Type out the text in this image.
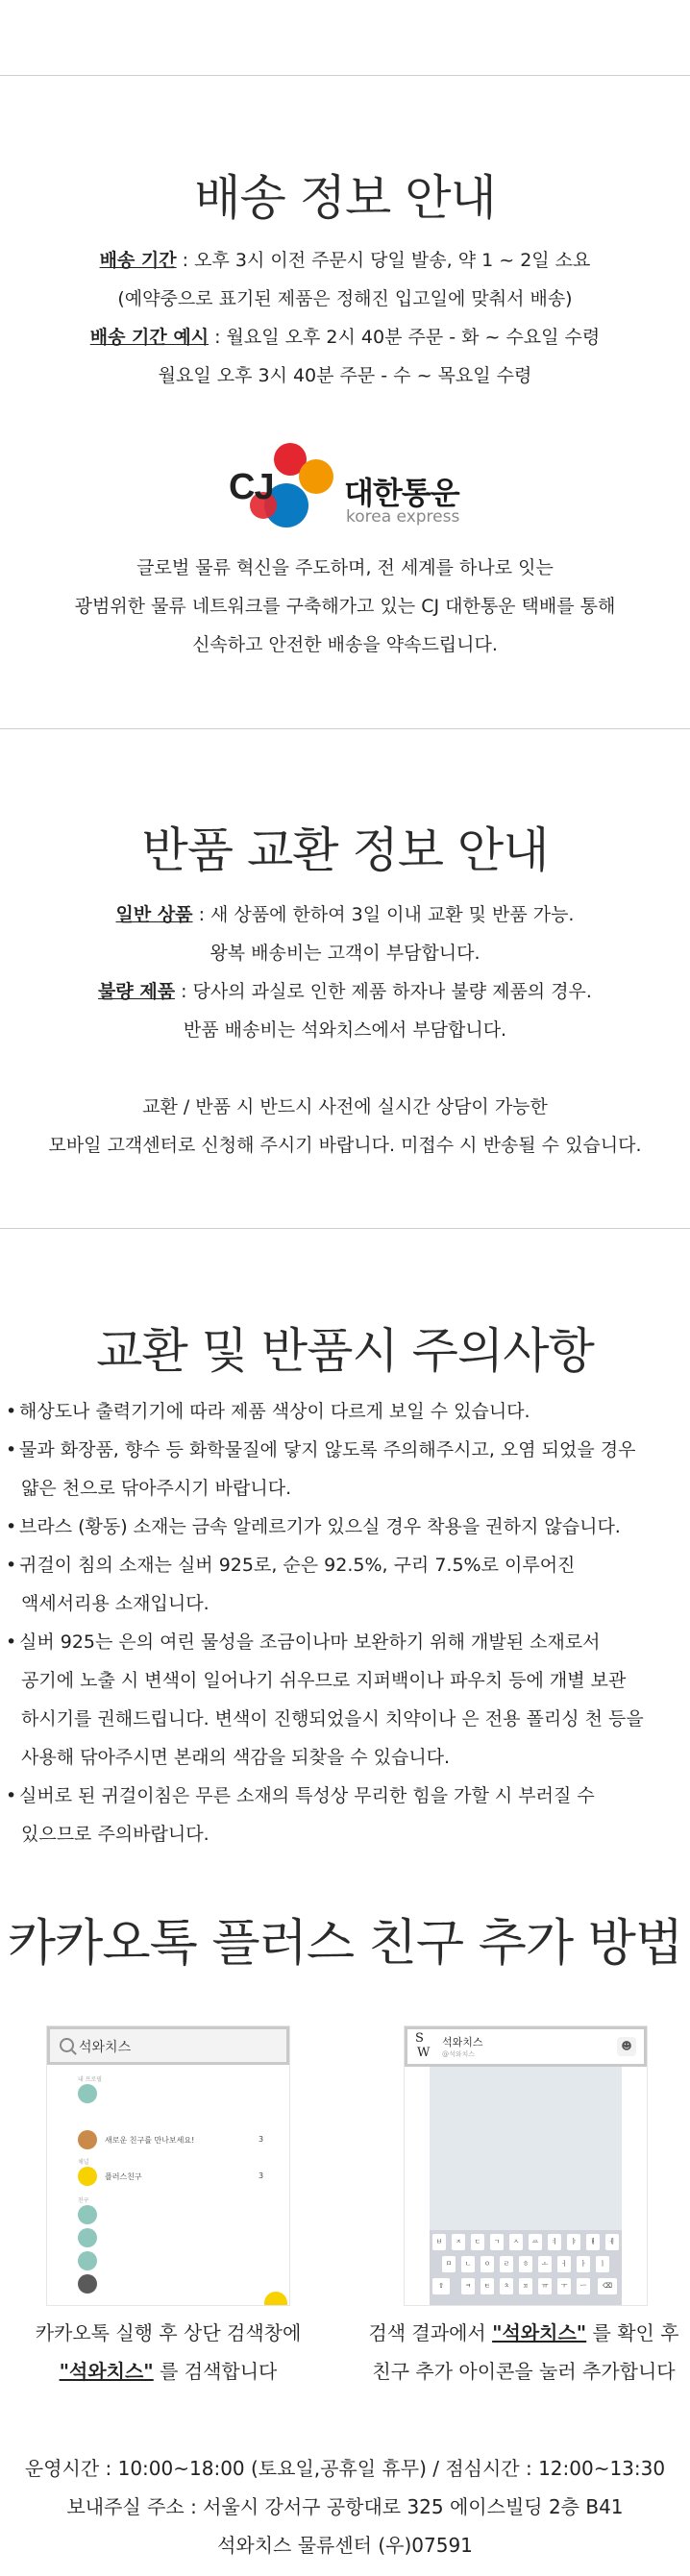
배송 정보 안내
배송 기간 : 오후 3시 이전 주문시 당일 발송, 약 1 ~ 2일 소요
(예약중으로 표기된 제품은 정해진 입고일에 맞춰서 배송)
배송 기간 예시 : 월요일 오후 2시 40분 주문 - 화 ~ 수요일 수령
월요일 오후 3시 40분 주문 - 수 ~ 목요일 수령
CJ 대한통운
korea express
글로벌 물류 혁신을 주도하며, 전 세계를 하나로 잇는
광범위한 물류 네트워크를 구축해가고 있는 CJ 대한통운 택배를 통해
신속하고 안전한 배송을 약속드립니다.
반품 교환 정보 안내
일반 상품 : 새 상품에 한하여 3일 이내 교환 및 반품 가능.
왕복 배송비는 고객이 부담합니다.
불량 제품 : 당사의 과실로 인한 제품 하자나 불량 제품의 경우.
반품 배송비는 석와치스에서 부담합니다.
교환 / 반품 시 반드시 사전에 실시간 상담이 가능한
모바일 고객센터로 신청해 주시기 바랍니다. 미접수 시 반송될 수 있습니다.
교환 및 반품시 주의사항
• 해상도나 출력기기에 따라 제품 색상이 다르게 보일 수 있습니다.
• 물과 화장품, 향수 등 화학물질에 닿지 않도록 주의해주시고, 오염 되었을 경우
얇은 천으로 닦아주시기 바랍니다.
• 브라스 (황동) 소재는 금속 알레르기가 있으실 경우 착용을 권하지 않습니다.
• 귀걸이 침의 소재는 실버 925로, 순은 92.5%, 구리 7.5%로 이루어진
액세서리용 소재입니다.
• 실버 925는 은의 여린 물성을 조금이나마 보완하기 위해 개발된 소재로서
공기에 노출 시 변색이 일어나기 쉬우므로 지퍼백이나 파우치 등에 개별 보관
하시기를 권해드립니다. 변색이 진행되었을시 치약이나 은 전용 폴리싱 천 등을
사용해 닦아주시면 본래의 색감을 되찾을 수 있습니다.
• 실버로 된 귀걸이침은 무른 소재의 특성상 무리한 힘을 가할 시 부러질 수
있으므로 주의바랍니다.
카카오톡 플러스 친구 추가 방법
석와치스
내 프로필
새로운 친구를 만나보세요!	3
채널
플러스친구	3
친구
S
W
석와치스
@석와치스
☻
ㅂ	ㅈ	ㄷ	ㄱ	ㅅ	ㅛ	ㅕ	ㅑ	ㅐ	ㅔ
ㅁ	ㄴ	ㅇ	ㄹ	ㅎ	ㅗ	ㅓ	ㅏ	ㅣ
⇧	ㅋ	ㅌ	ㅊ	ㅍ	ㅠ	ㅜ	ㅡ	⌫
카카오톡 실행 후 상단 검색창에
"석와치스" 를 검색합니다
검색 결과에서 "석와치스" 를 확인 후
친구 추가 아이콘을 눌러 추가합니다
운영시간 : 10:00~18:00 (토요일,공휴일 휴무) / 점심시간 : 12:00~13:30
보내주실 주소 : 서울시 강서구 공항대로 325 에이스빌딩 2층 B41
석와치스 물류센터 (우)07591
